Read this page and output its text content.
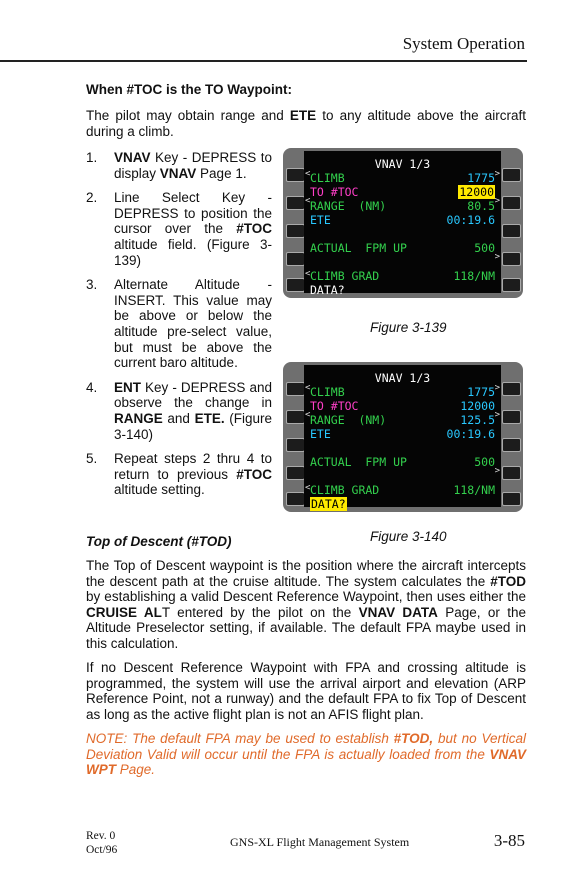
System Operation
When #TOC is the TO Waypoint:
The pilot may obtain range and ETE to any altitude above the aircraft during a climb.
1.	VNAV Key - DEPRESS to display VNAV Page 1.
2.	Line Select Key - DEPRESS to position the cursor over the #TOC altitude field. (Figure 3-139)
3.	Alternate Altitude - INSERT. This value may be above or below the altitude pre-select value, but must be above the current baro altitude.
4.	ENT Key - DEPRESS and observe the change in RANGE and ETE. (Figure 3-140)
5.	Repeat steps 2 thru 4 to return to previous #TOC altitude setting.
<	>
<	>
>
<
VNAV 1/3
CLIMB	1775
TO #TOC	12000
RANGE  (NM)	80.5
ETE	00:19.6
ACTUAL  FPM UP	500
CLIMB GRAD	118/NM
DATA?
Figure 3-139
<	>
<	>
>
<
VNAV 1/3
CLIMB	1775
TO #TOC	12000
RANGE  (NM)	125.5
ETE	00:19.6
ACTUAL  FPM UP	500
CLIMB GRAD	118/NM
DATA?
Figure 3-140
Top of Descent (#TOD)
The Top of Descent waypoint is the position where the aircraft intercepts the descent path at the cruise altitude. The system calculates the #TOD by establishing a valid Descent Reference Waypoint, then uses either the CRUISE ALT entered by the pilot on the VNAV DATA Page, or the Altitude Preselector setting, if available. The default FPA maybe used in this calculation.
If no Descent Reference Waypoint with FPA and crossing altitude is programmed, the system will use the arrival airport and elevation (ARP Reference Point, not a runway) and the default FPA to fix Top of Descent as long as the active flight plan is not an AFIS flight plan.
NOTE: The default FPA may be used to establish #TOD, but no Vertical Deviation Valid will occur until the FPA is actually loaded from the VNAV WPT Page.
Rev. 0
Oct/96
GNS-XL Flight Management System	3-85
